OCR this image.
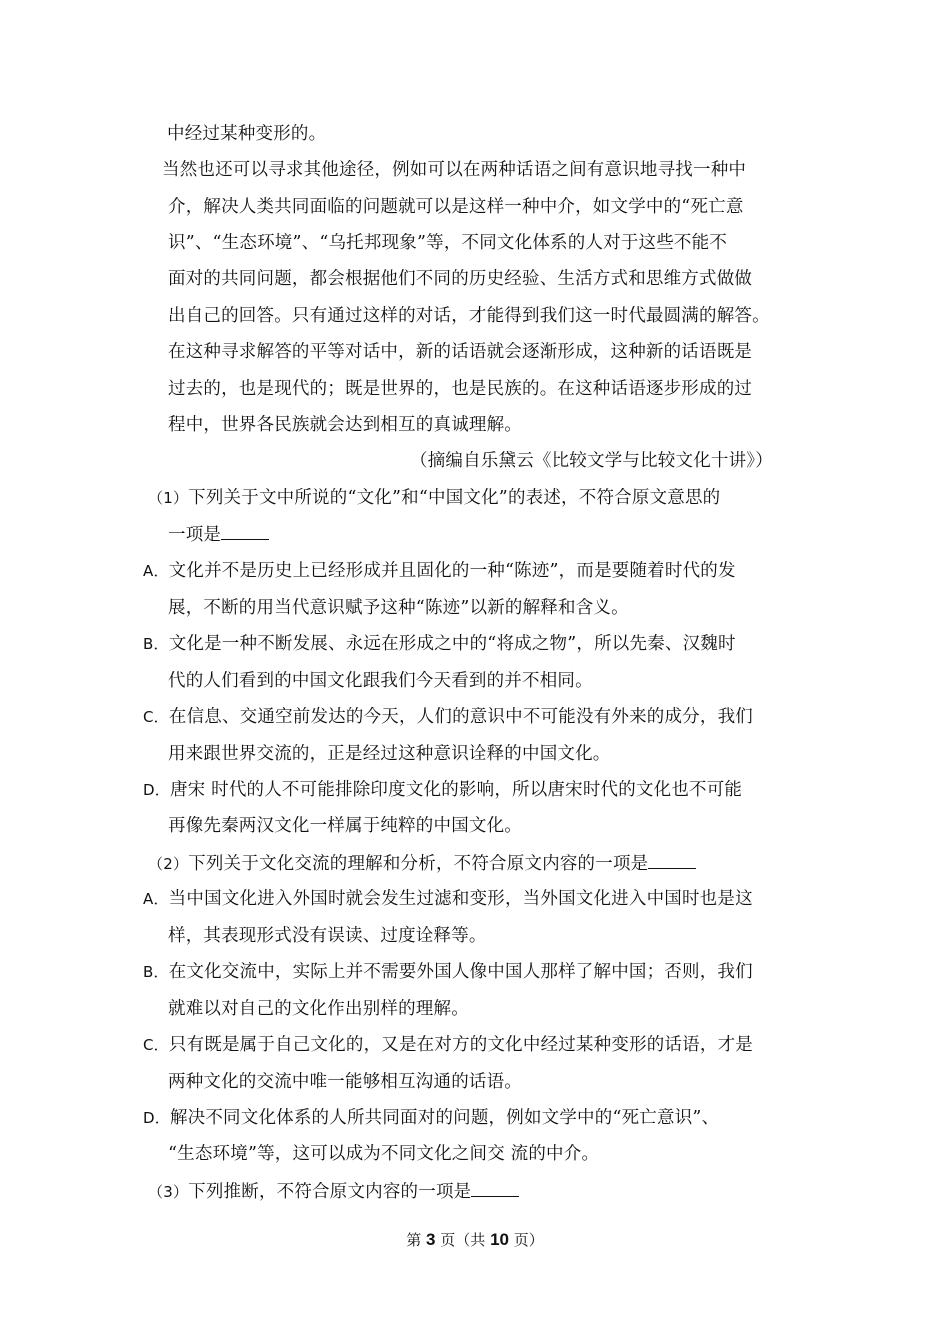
中经过某种变形的。
当然也还可以寻求其他途径，例如可以在两种话语之间有意识地寻找一种中
介，解决人类共同面临的问题就可以是这样一种中介，如文学中的“死亡意
识”、“生态环境”、“乌托邦现象”等，不同文化体系的人对于这些不能不
面对的共同问题，都会根据他们不同的历史经验、生活方式和思维方式做做
出自己的回答。只有通过这样的对话，才能得到我们这一时代最圆满的解答。
在这种寻求解答的平等对话中，新的话语就会逐渐形成，这种新的话语既是
过去的，也是现代的；既是世界的，也是民族的。在这种话语逐步形成的过
程中，世界各民族就会达到相互的真诚理解。
（摘编自乐黛云《比较文学与比较文化十讲》）
（1）下列关于文中所说的“文化”和“中国文化”的表述，不符合原文意思的
一项是
A．文化并不是历史上已经形成并且固化的一种“陈迹”，而是要随着时代的发
展，不断的用当代意识赋予这种“陈迹”以新的解释和含义。
B．文化是一种不断发展、永远在形成之中的“将成之物”，所以先秦、汉魏时
代的人们看到的中国文化跟我们今天看到的并不相同。
C．在信息、交通空前发达的今天，人们的意识中不可能没有外来的成分，我们
用来跟世界交流的，正是经过这种意识诠释的中国文化。
D．唐宋 时代的人不可能排除印度文化的影响，所以唐宋时代的文化也不可能
再像先秦两汉文化一样属于纯粹的中国文化。
（2）下列关于文化交流的理解和分析，不符合原文内容的一项是
A．当中国文化进入外国时就会发生过滤和变形，当外国文化进入中国时也是这
样，其表现形式没有误读、过度诠释等。
B．在文化交流中，实际上并不需要外国人像中国人那样了解中国；否则，我们
就难以对自己的文化作出别样的理解。
C．只有既是属于自己文化的，又是在对方的文化中经过某种变形的话语，才是
两种文化的交流中唯一能够相互沟通的话语。
D．解决不同文化体系的人所共同面对的问题，例如文学中的“死亡意识”、
“生态环境”等，这可以成为不同文化之间交 流的中介。
（3）下列推断，不符合原文内容的一项是
第 3 页（共 10 页）
